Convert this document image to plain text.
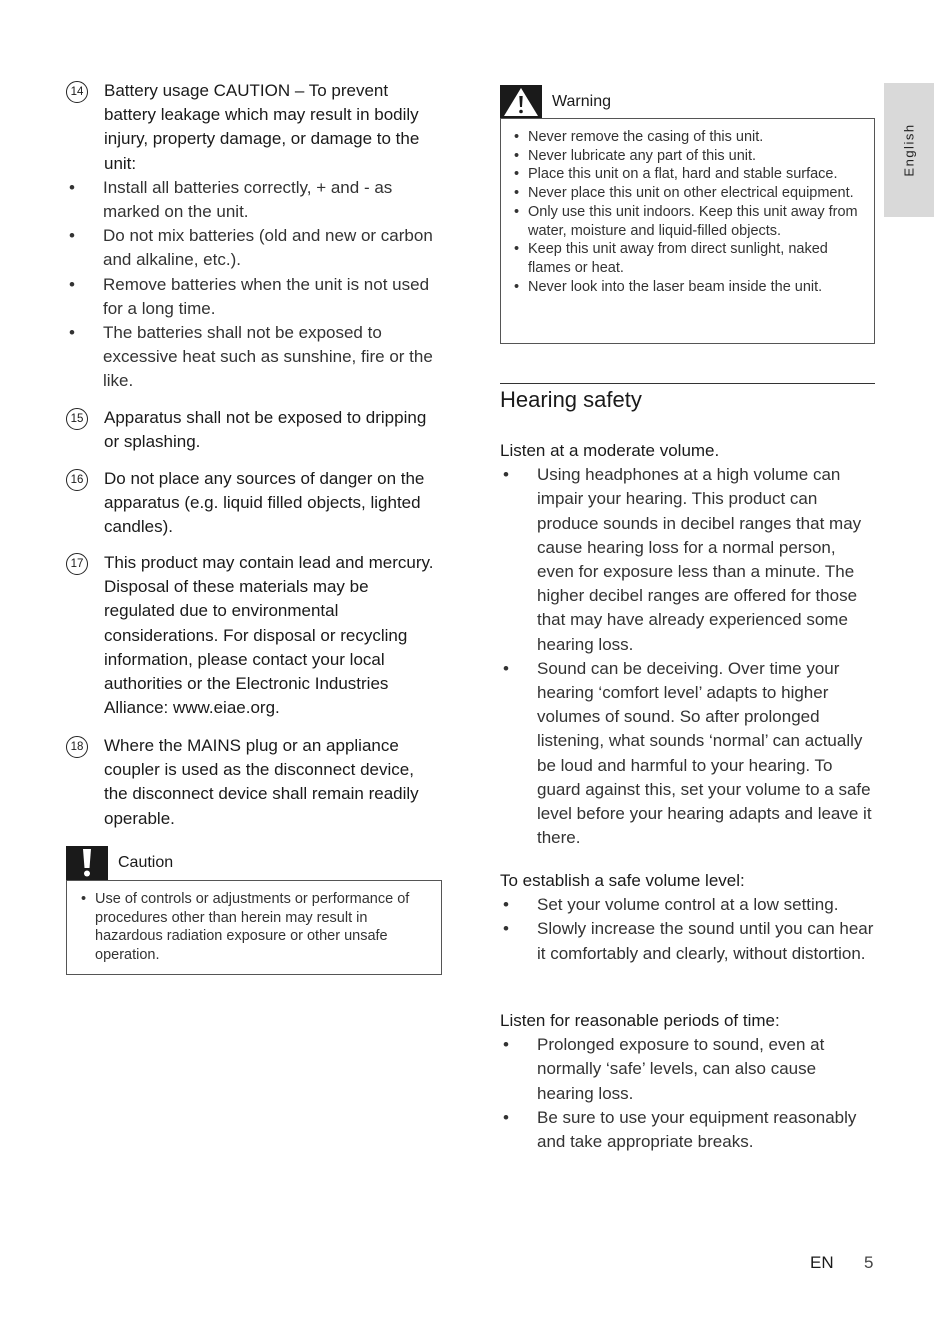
14 Battery usage CAUTION – To prevent battery leakage which may result in bodily injury, property damage, or damage to the unit:
• Install all batteries correctly, + and - as marked on the unit.
• Do not mix batteries (old and new or carbon and alkaline, etc.).
• Remove batteries when the unit is not used for a long time.
• The batteries shall not be exposed to excessive heat such as sunshine, fire or the like.
15 Apparatus shall not be exposed to dripping or splashing.
16 Do not place any sources of danger on the apparatus (e.g. liquid filled objects, lighted candles).
17 This product may contain lead and mercury. Disposal of these materials may be regulated due to environmental considerations. For disposal or recycling information, please contact your local authorities or the Electronic Industries Alliance: www.eiae.org.
18 Where the MAINS plug or an appliance coupler is used as the disconnect device, the disconnect device shall remain readily operable.
Caution
• Use of controls or adjustments or performance of procedures other than herein may result in hazardous radiation exposure or other unsafe operation.
Warning
• Never remove the casing of this unit.
• Never lubricate any part of this unit.
• Place this unit on a flat, hard and stable surface.
• Never place this unit on other electrical equipment.
• Only use this unit indoors. Keep this unit away from water, moisture and liquid-filled objects.
• Keep this unit away from direct sunlight, naked flames or heat.
• Never look into the laser beam inside the unit.
Hearing safety
Listen at a moderate volume.
• Using headphones at a high volume can impair your hearing. This product can produce sounds in decibel ranges that may cause hearing loss for a normal person, even for exposure less than a minute. The higher decibel ranges are offered for those that may have already experienced some hearing loss.
• Sound can be deceiving. Over time your hearing ‘comfort level’ adapts to higher volumes of sound. So after prolonged listening, what sounds ‘normal’ can actually be loud and harmful to your hearing. To guard against this, set your volume to a safe level before your hearing adapts and leave it there.
To establish a safe volume level:
• Set your volume control at a low setting.
• Slowly increase the sound until you can hear it comfortably and clearly, without distortion.
Listen for reasonable periods of time:
• Prolonged exposure to sound, even at normally ‘safe’ levels, can also cause hearing loss.
• Be sure to use your equipment reasonably and take appropriate breaks.
English
EN 5
